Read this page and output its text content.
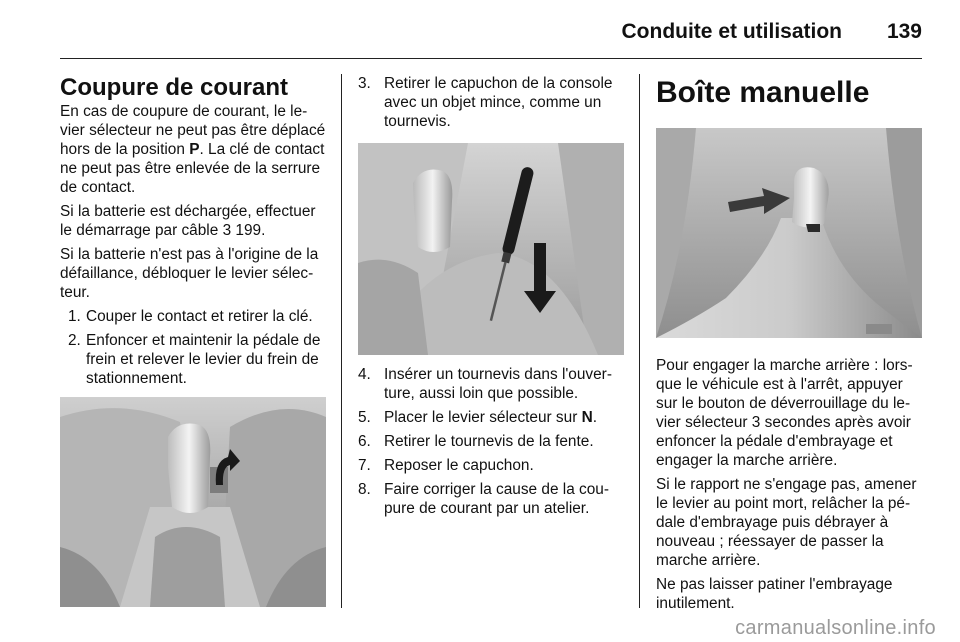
Conduite et utilisation 139
Coupure de courant

En cas de coupure de courant, le levier sélecteur ne peut pas être déplacé hors de la position P. La clé de contact ne peut pas être enlevée de la serrure de contact.

Si la batterie est déchargée, effectuer le démarrage par câble 3 199.

Si la batterie n'est pas à l'origine de la défaillance, débloquer le levier sélecteur.

1. Couper le contact et retirer la clé.
2. Enfoncer et maintenir la pédale de frein et relever le levier du frein de stationnement.
3. Retirer le capuchon de la console avec un objet mince, comme un tournevis.
4. Insérer un tournevis dans l'ouverture, aussi loin que possible.
5. Placer le levier sélecteur sur N.
6. Retirer le tournevis de la fente.
7. Reposer le capuchon.
8. Faire corriger la cause de la coupure de courant par un atelier.
Boîte manuelle

Pour engager la marche arrière : lorsque le véhicule est à l'arrêt, appuyer sur le bouton de déverrouillage du levier sélecteur 3 secondes après avoir enfoncer la pédale d'embrayage et engager la marche arrière.

Si le rapport ne s'engage pas, amener le levier au point mort, relâcher la pédale d'embrayage puis débrayer à nouveau ; réessayer de passer la marche arrière.

Ne pas laisser patiner l'embrayage inutilement.

carmanualsonline.info
